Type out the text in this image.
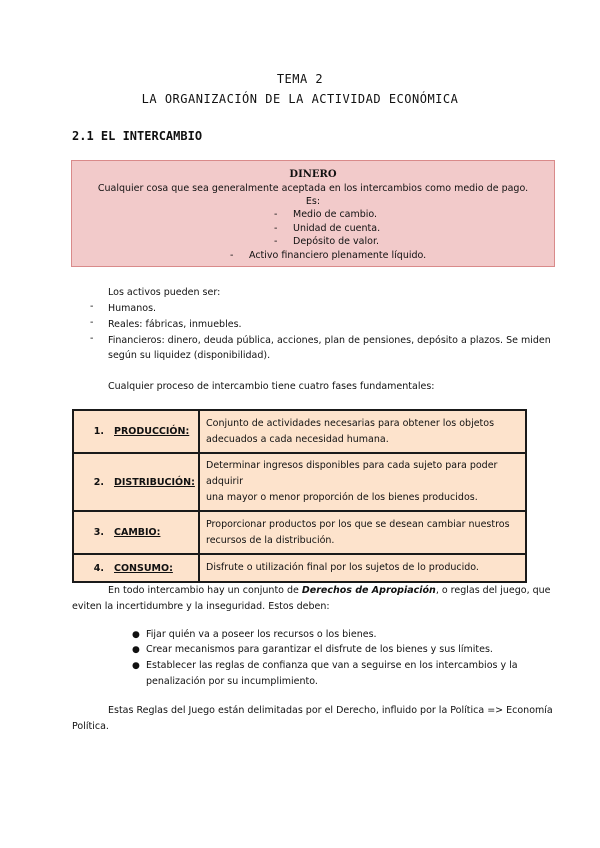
TEMA 2
LA ORGANIZACIÓN DE LA ACTIVIDAD ECONÓMICA
2.1 EL INTERCAMBIO
DINERO
Cualquier cosa que sea generalmente aceptada en los intercambios como medio de pago.
Es:
- Medio de cambio.
- Unidad de cuenta.
- Depósito de valor.
- Activo financiero plenamente líquido.
Los activos pueden ser:
- Humanos.
- Reales: fábricas, inmuebles.
- Financieros: dinero, deuda pública, acciones, plan de pensiones, depósito a plazos. Se miden
según su liquidez (disponibilidad).
Cualquier proceso de intercambio tiene cuatro fases fundamentales:
1. PRODUCCIÓN:	Conjunto de actividades necesarias para obtener los objetos
adecuados a cada necesidad humana.

2. DISTRIBUCIÓN:	Determinar ingresos disponibles para cada sujeto para poder adquirir
una mayor o menor proporción de los bienes producidos.

3. CAMBIO:	Proporcionar productos por los que se desean cambiar nuestros
recursos de la distribución.

4. CONSUMO:	Disfrute o utilización final por los sujetos de lo producido.
En todo intercambio hay un conjunto de Derechos de Apropiación, o reglas del juego, que
eviten la incertidumbre y la inseguridad. Estos deben:
● Fijar quién va a poseer los recursos o los bienes.
● Crear mecanismos para garantizar el disfrute de los bienes y sus límites.
● Establecer las reglas de confianza que van a seguirse en los intercambios y la
penalización por su incumplimiento.
Estas Reglas del Juego están delimitadas por el Derecho, influido por la Política => Economía
Política.
